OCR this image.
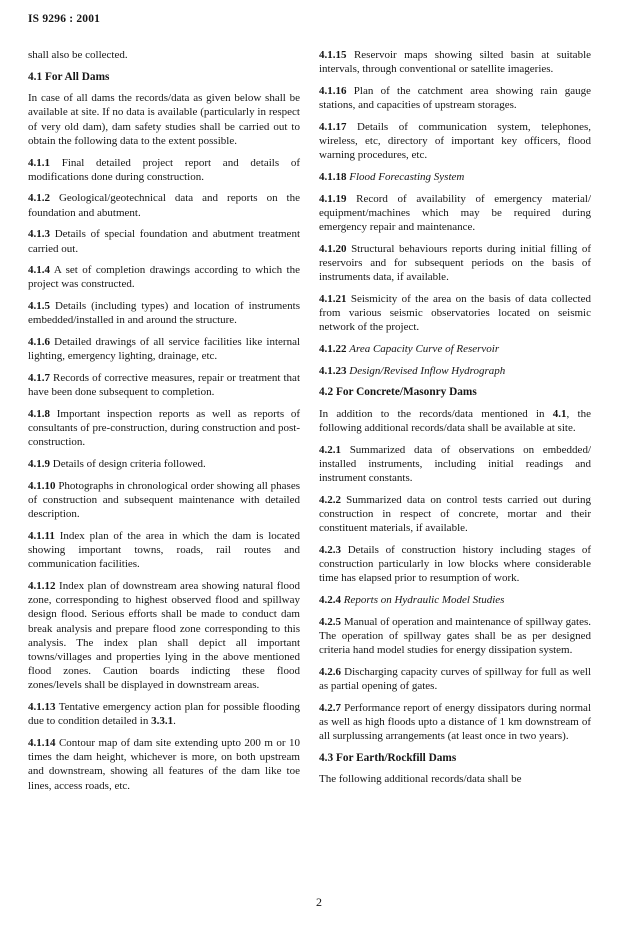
IS 9296 : 2001
shall also be collected.
4.1 For All Dams
In case of all dams the records/data as given below shall be available at site. If no data is available (particularly in respect of very old dam), dam safety studies shall be carried out to obtain the following data to the extent possible.
4.1.1 Final detailed project report and details of modifications done during construction.
4.1.2 Geological/geotechnical data and reports on the foundation and abutment.
4.1.3 Details of special foundation and abutment treatment carried out.
4.1.4 A set of completion drawings according to which the project was constructed.
4.1.5 Details (including types) and location of instruments embedded/installed in and around the structure.
4.1.6 Detailed drawings of all service facilities like internal lighting, emergency lighting, drainage, etc.
4.1.7 Records of corrective measures, repair or treatment that have been done subsequent to completion.
4.1.8 Important inspection reports as well as reports of consultants of pre-construction, during construction and post-construction.
4.1.9 Details of design criteria followed.
4.1.10 Photographs in chronological order showing all phases of construction and subsequent maintenance with detailed description.
4.1.11 Index plan of the area in which the dam is located showing important towns, roads, rail routes and communication facilities.
4.1.12 Index plan of downstream area showing natural flood zone, corresponding to highest observed flood and spillway design flood. Serious efforts shall be made to conduct dam break analysis and prepare flood zone corresponding to this analysis. The index plan shall depict all important towns/villages and properties lying in the above mentioned flood zones. Caution boards indicting these flood zones/levels shall be displayed in downstream areas.
4.1.13 Tentative emergency action plan for possible flooding due to condition detailed in 3.3.1.
4.1.14 Contour map of dam site extending upto 200 m or 10 times the dam height, whichever is more, on both upstream and downstream, showing all features of the dam like toe lines, access roads, etc.
4.1.15 Reservoir maps showing silted basin at suitable intervals, through conventional or satellite imageries.
4.1.16 Plan of the catchment area showing rain gauge stations, and capacities of upstream storages.
4.1.17 Details of communication system, telephones, wireless, etc, directory of important key officers, flood warning procedures, etc.
4.1.18 Flood Forecasting System
4.1.19 Record of availability of emergency material/ equipment/machines which may be required during emergency repair and maintenance.
4.1.20 Structural behaviours reports during initial filling of reservoirs and for subsequent periods on the basis of instruments data, if available.
4.1.21 Seismicity of the area on the basis of data collected from various seismic observatories located on seismic network of the project.
4.1.22 Area Capacity Curve of Reservoir
4.1.23 Design/Revised Inflow Hydrograph
4.2 For Concrete/Masonry Dams
In addition to the records/data mentioned in 4.1, the following additional records/data shall be available at site.
4.2.1 Summarized data of observations on embedded/ installed instruments, including initial readings and instrument constants.
4.2.2 Summarized data on control tests carried out during construction in respect of concrete, mortar and their constituent materials, if available.
4.2.3 Details of construction history including stages of construction particularly in low blocks where considerable time has elapsed prior to resumption of work.
4.2.4 Reports on Hydraulic Model Studies
4.2.5 Manual of operation and maintenance of spillway gates. The operation of spillway gates shall be as per designed criteria hand model studies for energy dissipation system.
4.2.6 Discharging capacity curves of spillway for full as well as partial opening of gates.
4.2.7 Performance report of energy dissipators during normal as well as high floods upto a distance of 1 km downstream of all surplussing arrangements (at least once in two years).
4.3 For Earth/Rockfill Dams
The following additional records/data shall be
2
